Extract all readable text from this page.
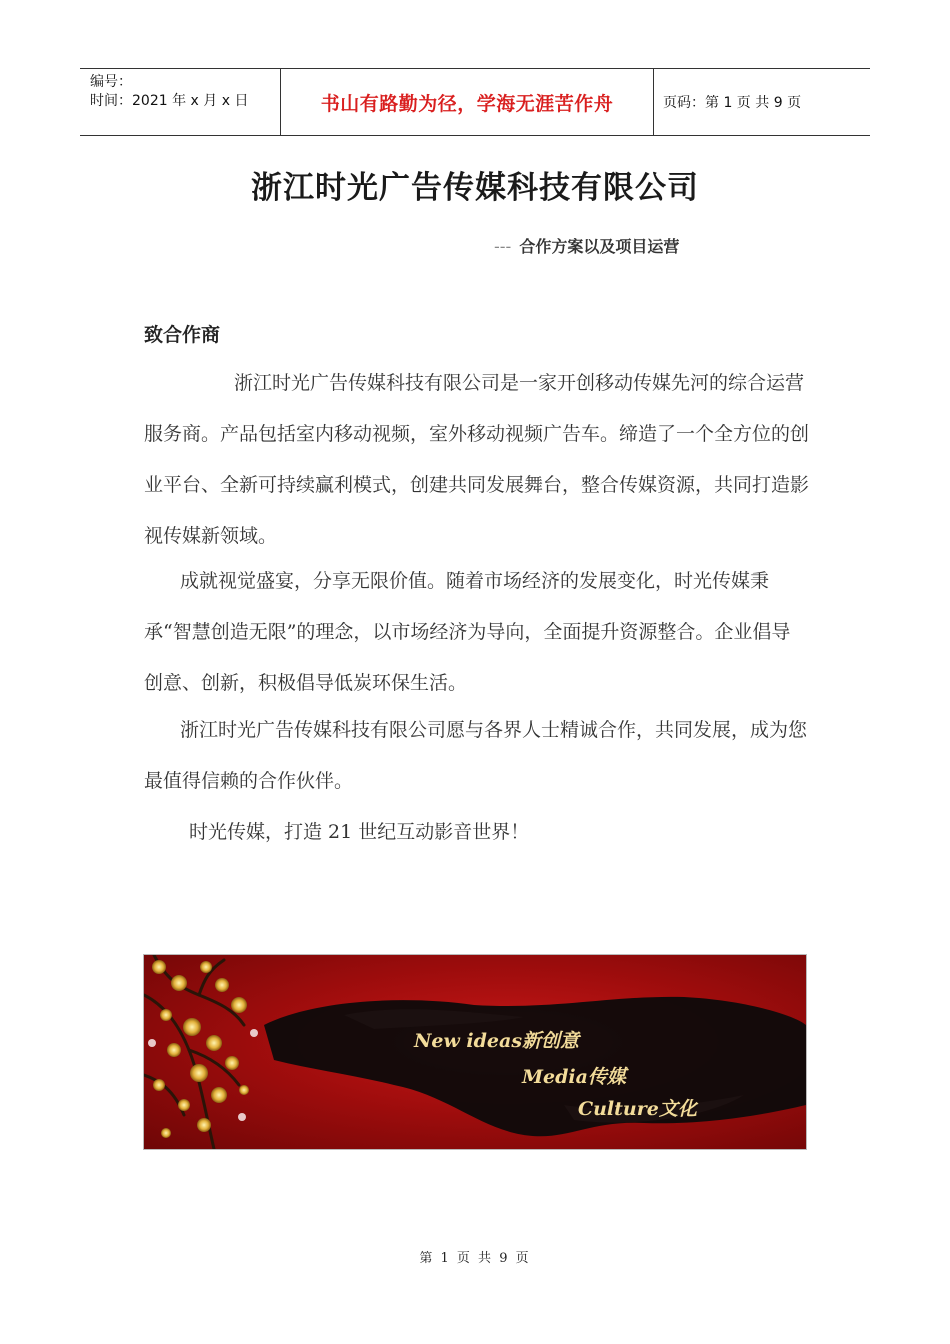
编号：
时间：2021 年 x 月 x 日	书山有路勤为径，学海无涯苦作舟	页码：第 1 页 共 9 页
浙江时光广告传媒科技有限公司
--- 合作方案以及项目运营
致合作商

浙江时光广告传媒科技有限公司是一家开创移动传媒先河的综合运营服务商。产品包括室内移动视频，室外移动视频广告车。缔造了一个全方位的创业平台、全新可持续赢利模式，创建共同发展舞台，整合传媒资源，共同打造影视传媒新领域。

成就视觉盛宴，分享无限价值。随着市场经济的发展变化，时光传媒秉承“智慧创造无限”的理念，以市场经济为导向，全面提升资源整合。企业倡导创意、创新，积极倡导低炭环保生活。

浙江时光广告传媒科技有限公司愿与各界人士精诚合作，共同发展，成为您最值得信赖的合作伙伴。

时光传媒，打造 21 世纪互动影音世界！

New ideas新创意
Media传媒
Culture文化
第 1 页 共 9 页
